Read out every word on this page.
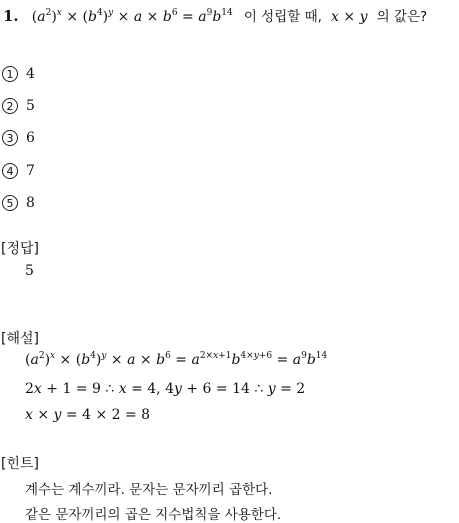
1. $(a^2)^x \times (b^4)^y \times a \times b^6 = a^9b^{14}$ 이 성립할 때, x × y 의 값은?
1 4
2 5
3 6
4 7
5 8
[정답]
5
[해설]
$(a^2)^x \times (b^4)^y \times a \times b^6 = a^{2\times x+1}b^{4\times y+6} = a^9b^{14}$
2x + 1 = 9 ∴ x = 4, 4y + 6 = 14 ∴ y = 2
x × y = 4 × 2 = 8
[힌트]
계수는 계수끼라. 문자는 문자끼리 곱한다.
같은 문자끼리의 곱은 지수법칙을 사용한다.
